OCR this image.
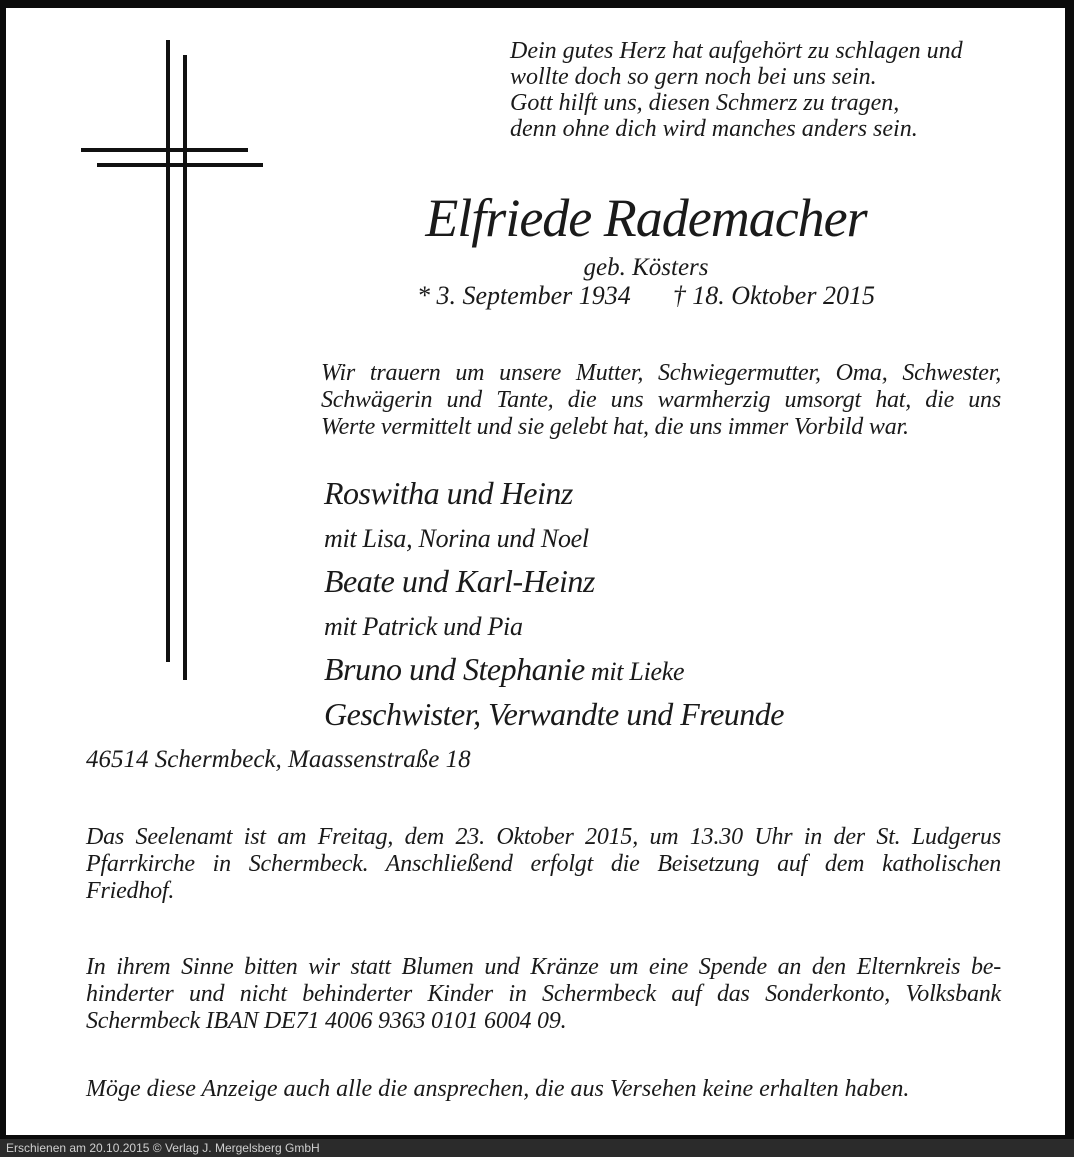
Dein gutes Herz hat aufgehört zu schlagen und
wollte doch so gern noch bei uns sein.
Gott hilft uns, diesen Schmerz zu tragen,
denn ohne dich wird manches anders sein.
Elfriede Rademacher
geb. Kösters
* 3. September 1934 † 18. Oktober 2015
Wir trauern um unsere Mutter, Schwiegermutter, Oma, Schwester,
Schwägerin und Tante, die uns warmherzig umsorgt hat, die uns
Werte vermittelt und sie gelebt hat, die uns immer Vorbild war.
Roswitha und Heinz
mit Lisa, Norina und Noel
Beate und Karl-Heinz
mit Patrick und Pia
Bruno und Stephanie mit Lieke
Geschwister, Verwandte und Freunde
46514 Schermbeck, Maassenstraße 18
Das Seelenamt ist am Freitag, dem 23. Oktober 2015, um 13.30 Uhr in der St. Ludgerus
Pfarrkirche in Schermbeck. Anschließend erfolgt die Beisetzung auf dem katholischen
Friedhof.
In ihrem Sinne bitten wir statt Blumen und Kränze um eine Spende an den Elternkreis be-
hinderter und nicht behinderter Kinder in Schermbeck auf das Sonderkonto, Volksbank
Schermbeck IBAN DE71 4006 9363 0101 6004 09.
Möge diese Anzeige auch alle die ansprechen, die aus Versehen keine erhalten haben.
Erschienen am 20.10.2015 © Verlag J. Mergelsberg GmbH
